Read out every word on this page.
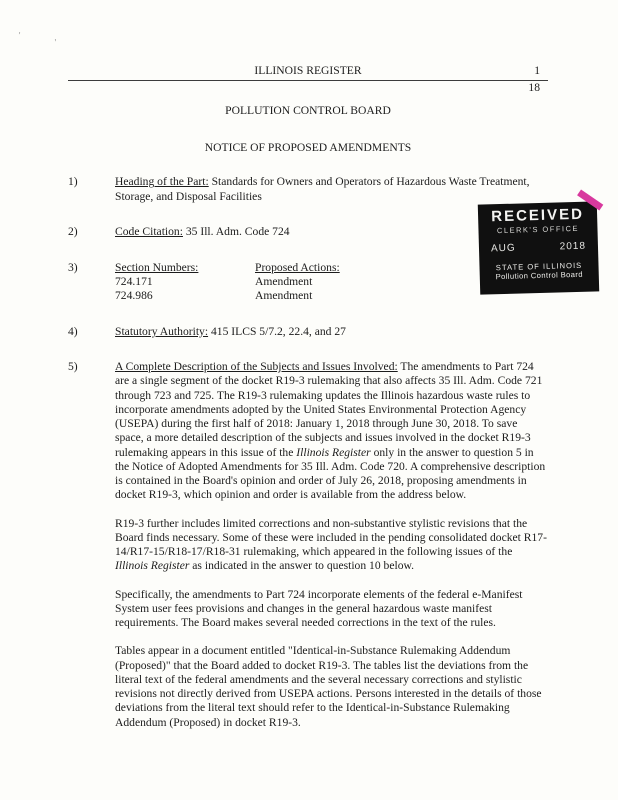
'
'
ILLINOIS REGISTER	1
18
POLLUTION CONTROL BOARD
NOTICE OF PROPOSED AMENDMENTS
1)	Heading of the Part: Standards for Owners and Operators of Hazardous Waste Treatment, Storage, and Disposal Facilities
2)	Code Citation: 35 Ill. Adm. Code 724
3)	Section Numbers:	Proposed Actions:
724.171	Amendment
724.986	Amendment
4)	Statutory Authority: 415 ILCS 5/7.2, 22.4, and 27
5)	A Complete Description of the Subjects and Issues Involved: The amendments to Part 724 are a single segment of the docket R19-3 rulemaking that also affects 35 Ill. Adm. Code 721 through 723 and 725. The R19-3 rulemaking updates the Illinois hazardous waste rules to incorporate amendments adopted by the United States Environmental Protection Agency (USEPA) during the first half of 2018: January 1, 2018 through June 30, 2018. To save space, a more detailed description of the subjects and issues involved in the docket R19-3 rulemaking appears in this issue of the Illinois Register only in the answer to question 5 in the Notice of Adopted Amendments for 35 Ill. Adm. Code 720. A comprehensive description is contained in the Board's opinion and order of July 26, 2018, proposing amendments in docket R19-3, which opinion and order is available from the address below.

R19-3 further includes limited corrections and non-substantive stylistic revisions that the Board finds necessary. Some of these were included in the pending consolidated docket R17-14/R17-15/R18-17/R18-31 rulemaking, which appeared in the following issues of the Illinois Register as indicated in the answer to question 10 below.

Specifically, the amendments to Part 724 incorporate elements of the federal e-Manifest System user fees provisions and changes in the general hazardous waste manifest requirements. The Board makes several needed corrections in the text of the rules.

Tables appear in a document entitled "Identical-in-Substance Rulemaking Addendum (Proposed)" that the Board added to docket R19-3. The tables list the deviations from the literal text of the federal amendments and the several necessary corrections and stylistic revisions not directly derived from USEPA actions. Persons interested in the details of those deviations from the literal text should refer to the Identical-in-Substance Rulemaking Addendum (Proposed) in docket R19-3.

RECEIVED
CLERK'S OFFICE
AUG	2018
STATE OF ILLINOIS
Pollution Control Board
